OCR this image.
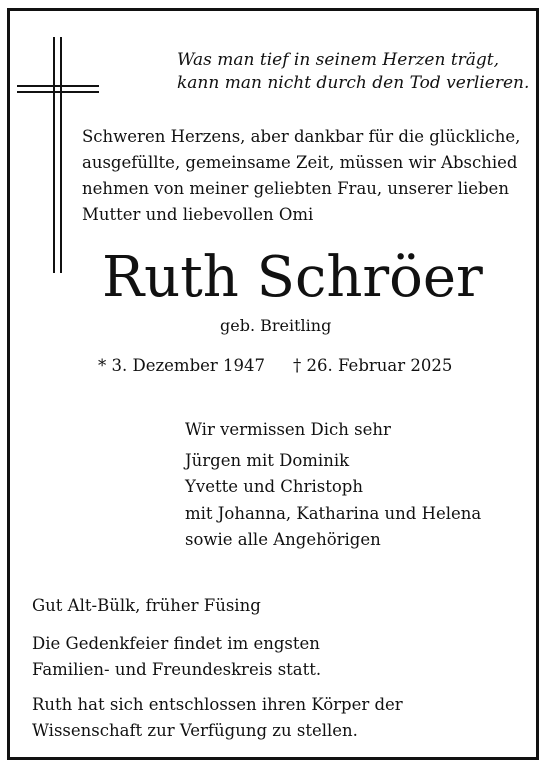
Was man tief in seinem Herzen trägt,
kann man nicht durch den Tod verlieren.
Schweren Herzens, aber dankbar für die glückliche,
ausgefüllte, gemeinsame Zeit, müssen wir Abschied
nehmen von meiner geliebten Frau, unserer lieben
Mutter und liebevollen Omi
Ruth Schröer
geb. Breitling
* 3. Dezember 1947 † 26. Februar 2025
Wir vermissen Dich sehr
Jürgen mit Dominik
Yvette und Christoph
mit Johanna, Katharina und Helena
sowie alle Angehörigen
Gut Alt-Bülk, früher Füsing
Die Gedenkfeier findet im engsten
Familien- und Freundeskreis statt.
Ruth hat sich entschlossen ihren Körper der
Wissenschaft zur Verfügung zu stellen.
